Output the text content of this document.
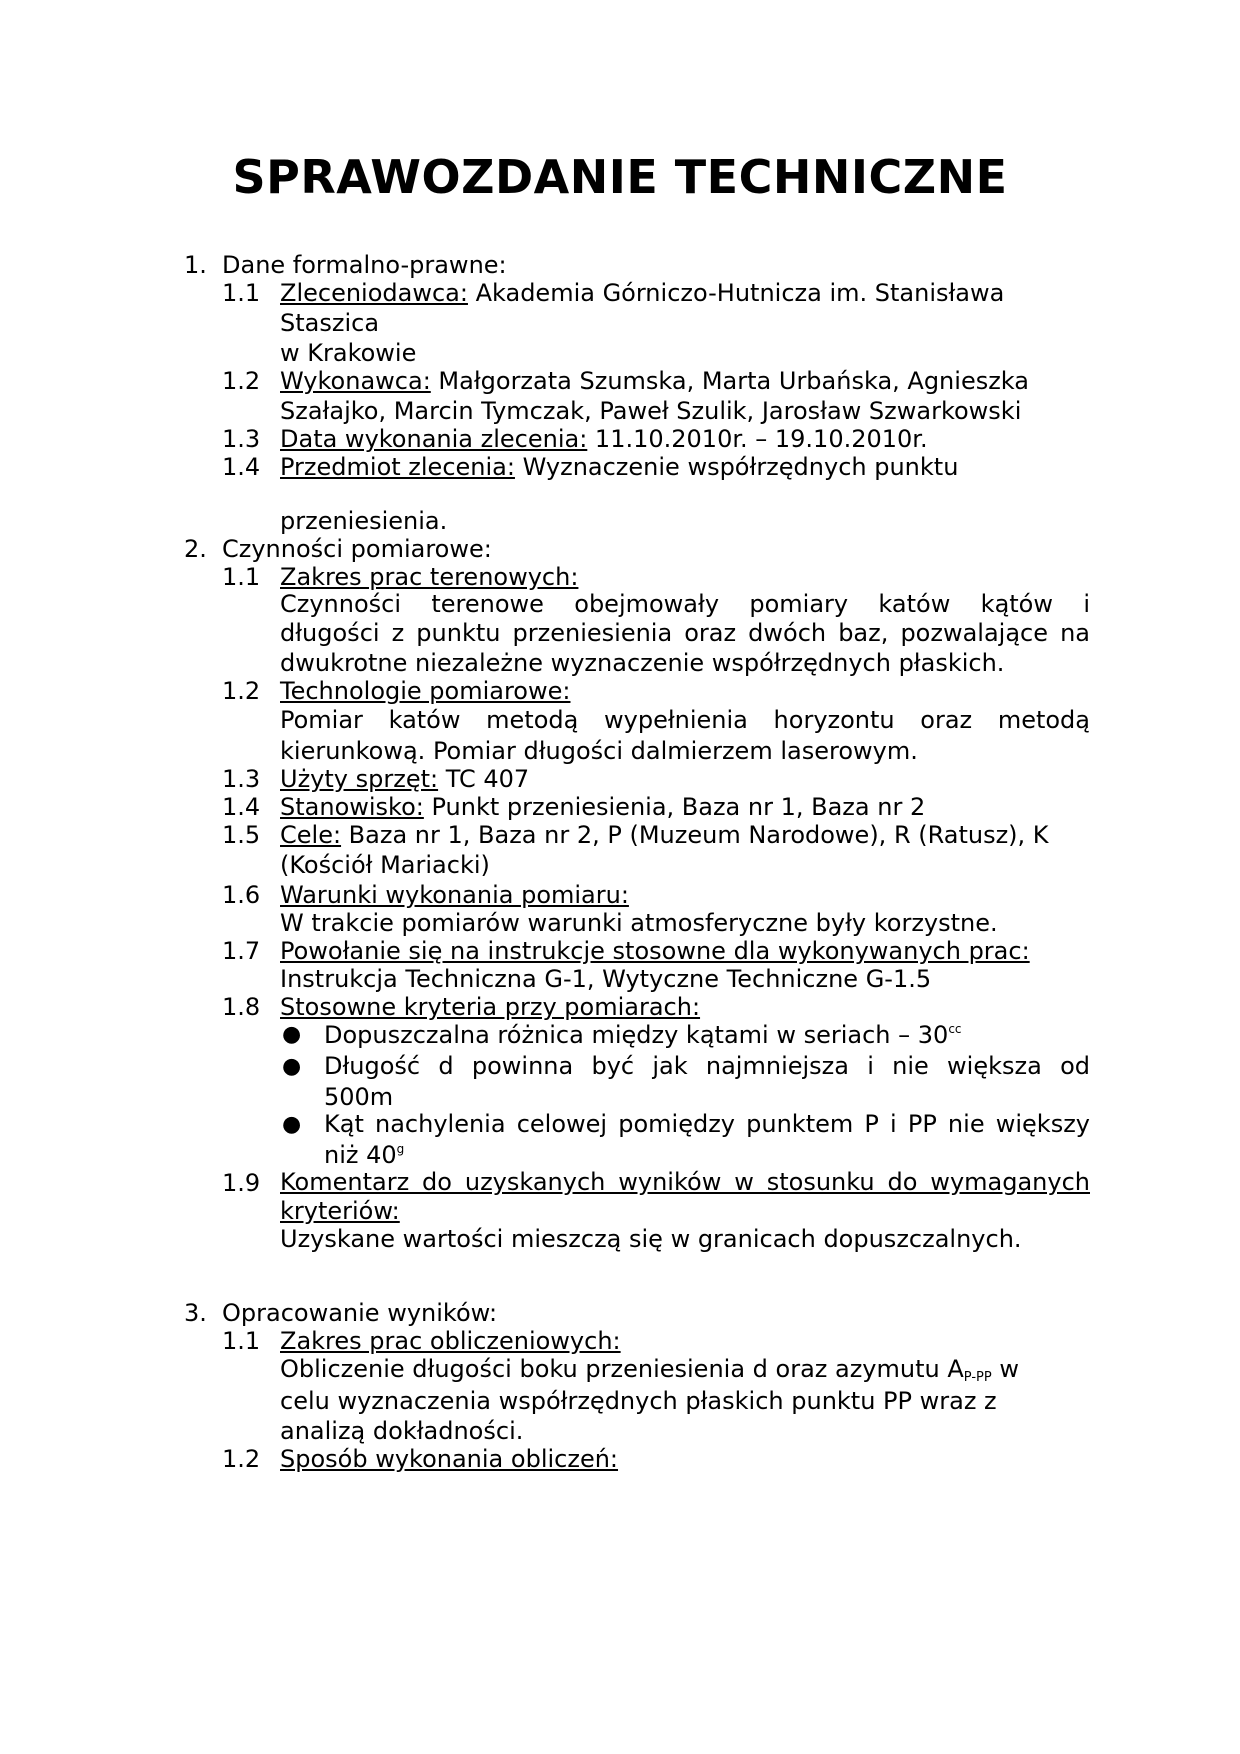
SPRAWOZDANIE TECHNICZNE
1. Dane formalno-prawne:
1.1 Zleceniodawca: Akademia Górniczo-Hutnicza im. Stanisława
Staszica
w Krakowie
1.2 Wykonawca: Małgorzata Szumska, Marta Urbańska, Agnieszka
Szałajko, Marcin Tymczak, Paweł Szulik, Jarosław Szwarkowski
1.3 Data wykonania zlecenia: 11.10.2010r. – 19.10.2010r.
1.4 Przedmiot zlecenia: Wyznaczenie współrzędnych punktu
przeniesienia.
2. Czynności pomiarowe:
1.1 Zakres prac terenowych:
Czynności terenowe obejmowały pomiary katów kątów i
długości z punktu przeniesienia oraz dwóch baz, pozwalające na
dwukrotne niezależne wyznaczenie współrzędnych płaskich.
1.2 Technologie pomiarowe:
Pomiar katów metodą wypełnienia horyzontu oraz metodą
kierunkową. Pomiar długości dalmierzem laserowym.
1.3 Użyty sprzęt: TC 407
1.4 Stanowisko: Punkt przeniesienia, Baza nr 1, Baza nr 2
1.5 Cele: Baza nr 1, Baza nr 2, P (Muzeum Narodowe), R (Ratusz), K
(Kościół Mariacki)
1.6 Warunki wykonania pomiaru:
W trakcie pomiarów warunki atmosferyczne były korzystne.
1.7 Powołanie się na instrukcje stosowne dla wykonywanych prac:
Instrukcja Techniczna G-1, Wytyczne Techniczne G-1.5
1.8 Stosowne kryteria przy pomiarach:
● Dopuszczalna różnica między kątami w seriach – $30^{cc}$
● Długość d powinna być jak najmniejsza i nie większa od
500m
● Kąt nachylenia celowej pomiędzy punktem P i PP nie większy
niż 40$^g$
1.9 Komentarz do uzyskanych wyników w stosunku do wymaganych
kryteriów:
Uzyskane wartości mieszczą się w granicach dopuszczalnych.
3. Opracowanie wyników:
1.1 Zakres prac obliczeniowych:
Obliczenie długości boku przeniesienia d oraz azymutu $A_{P-PP}$ w
celu wyznaczenia współrzędnych płaskich punktu PP wraz z
analizą dokładności.
1.2 Sposób wykonania obliczeń:
